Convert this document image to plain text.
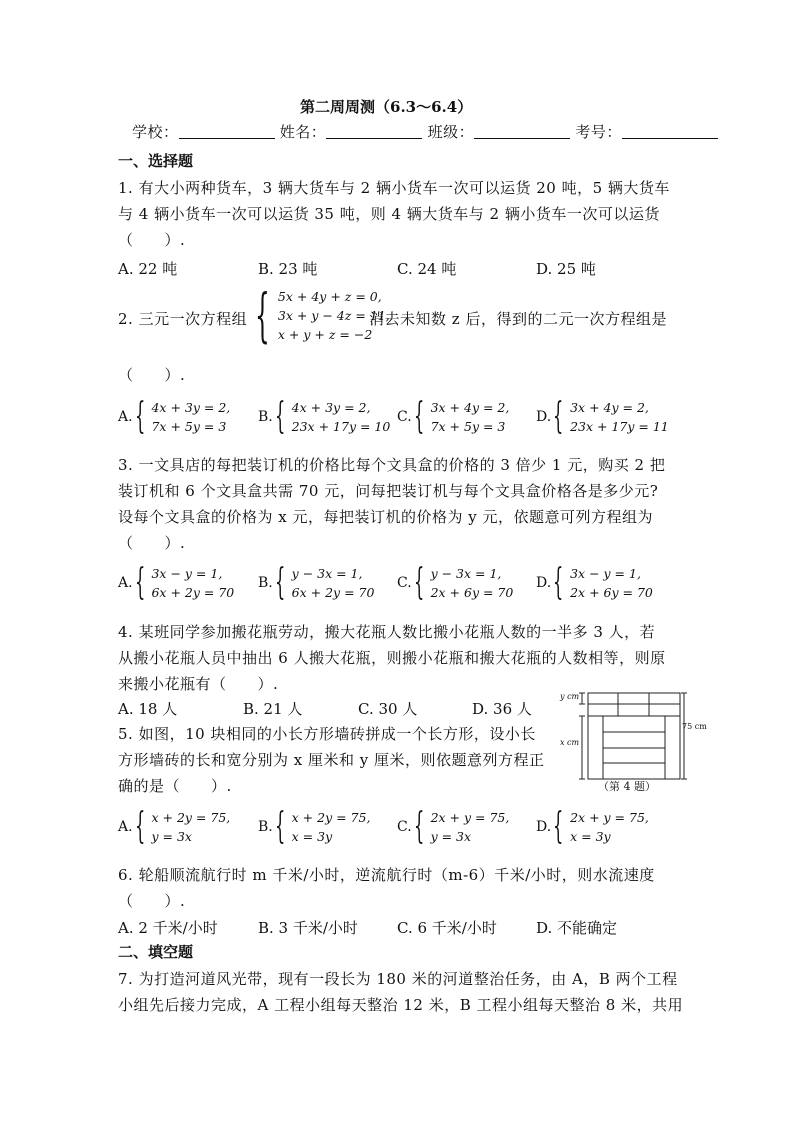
第二周周测（6.3～6.4）
学校：	姓名：	班级：	考号：
一、选择题
1. 有大小两种货车，3 辆大货车与 2 辆小货车一次可以运货 20 吨，5 辆大货车
与 4 辆小货车一次可以运货 35 吨，则 4 辆大货车与 2 辆小货车一次可以运货
（　　）.
A. 22 吨	B. 23 吨	C. 24 吨	D. 25 吨
2. 三元一次方程组 { 5x + 4y + z = 0,
3x + y − 4z = 11,
x + y + z = −2
消去未知数 z 后，得到的二元一次方程组是
（　　）.
A. { 4x + 3y = 2,
7x + 5y = 3
B. { 4x + 3y = 2,
23x + 17y = 10
C. { 3x + 4y = 2,
7x + 5y = 3
D. { 3x + 4y = 2,
23x + 17y = 11
3. 一文具店的每把装订机的价格比每个文具盒的价格的 3 倍少 1 元，购买 2 把
装订机和 6 个文具盒共需 70 元，问每把装订机与每个文具盒价格各是多少元?
设每个文具盒的价格为 x 元，每把装订机的价格为 y 元，依题意可列方程组为
（　　）.
A. { 3x − y = 1,
6x + 2y = 70
B. { y − 3x = 1,
6x + 2y = 70
C. { y − 3x = 1,
2x + 6y = 70
D. { 3x − y = 1,
2x + 6y = 70
4. 某班同学参加搬花瓶劳动，搬大花瓶人数比搬小花瓶人数的一半多 3 人，若
从搬小花瓶人员中抽出 6 人搬大花瓶，则搬小花瓶和搬大花瓶的人数相等，则原
来搬小花瓶有（　　）.
A. 18 人	B. 21 人	C. 30 人	D. 36 人
5. 如图，10 块相同的小长方形墙砖拼成一个长方形，设小长
方形墙砖的长和宽分别为 x 厘米和 y 厘米，则依题意列方程正
确的是（　　）.
y cm
x cm
75 cm
（第 4 题）
A. { x + 2y = 75,
y = 3x
B. { x + 2y = 75,
x = 3y
C. { 2x + y = 75,
y = 3x
D. { 2x + y = 75,
x = 3y
6. 轮船顺流航行时 m 千米/小时，逆流航行时（m-6）千米/小时，则水流速度
（　　）.
A. 2 千米/小时	B. 3 千米/小时	C. 6 千米/小时	D. 不能确定
二、填空题
7. 为打造河道风光带，现有一段长为 180 米的河道整治任务，由 A，B 两个工程
小组先后接力完成，A 工程小组每天整治 12 米，B 工程小组每天整治 8 米，共用
